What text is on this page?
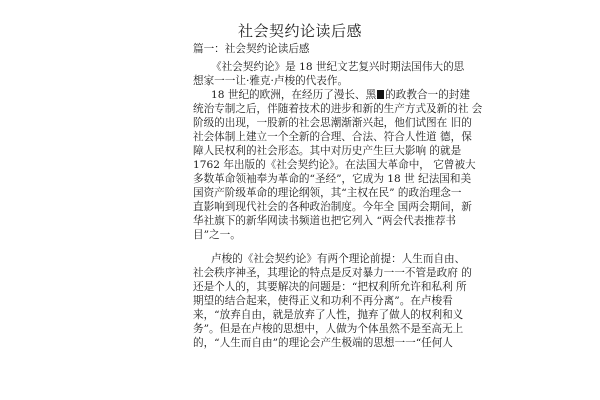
社会契约论读后感
篇一：社会契约论读后感
《社会契约论》是 18 世纪文艺复兴时期法国伟大的思
想家一一让·雅克·卢梭的代表作。
18 世纪的欧洲，在经历了漫长、黑 的政教合一的封建
统治专制之后，伴随着技术的进步和新的生产方式及新的社 会
阶级的出现，一股新的社会思潮渐渐兴起，他们试图在 旧的
社会体制上建立一个全新的合理、合法、符合人性道 德，保
障人民权利的社会形态。其中对历史产生巨大影响 的就是
1762 年出版的《社会契约论》。在法国大革命中， 它曾被大
多数革命领袖奉为革命的“圣经”，它成为 18 世 纪法国和美
国资产阶级革命的理论纲领，其“主权在民” 的政治理念一
直影响到现代社会的各种政治制度。今年全 国两会期间，新
华社旗下的新华网读书频道也把它列入 “两会代表推荐书
目”之一。
卢梭的《社会契约论》有两个理论前提：人生而自由、
社会秩序神圣，其理论的特点是反对暴力一一不管是政府 的
还是个人的，其要解决的问题是：“把权利所允许和私利 所
期望的结合起来，使得正义和功利不再分离”。在卢梭看
来，“放弃自由，就是放弃了人性，抛弃了做人的权利和义
务”。但是在卢梭的思想中，人做为个体虽然不是至高无上
的，“人生而自由”的理论会产生极端的思想一一“任何人
